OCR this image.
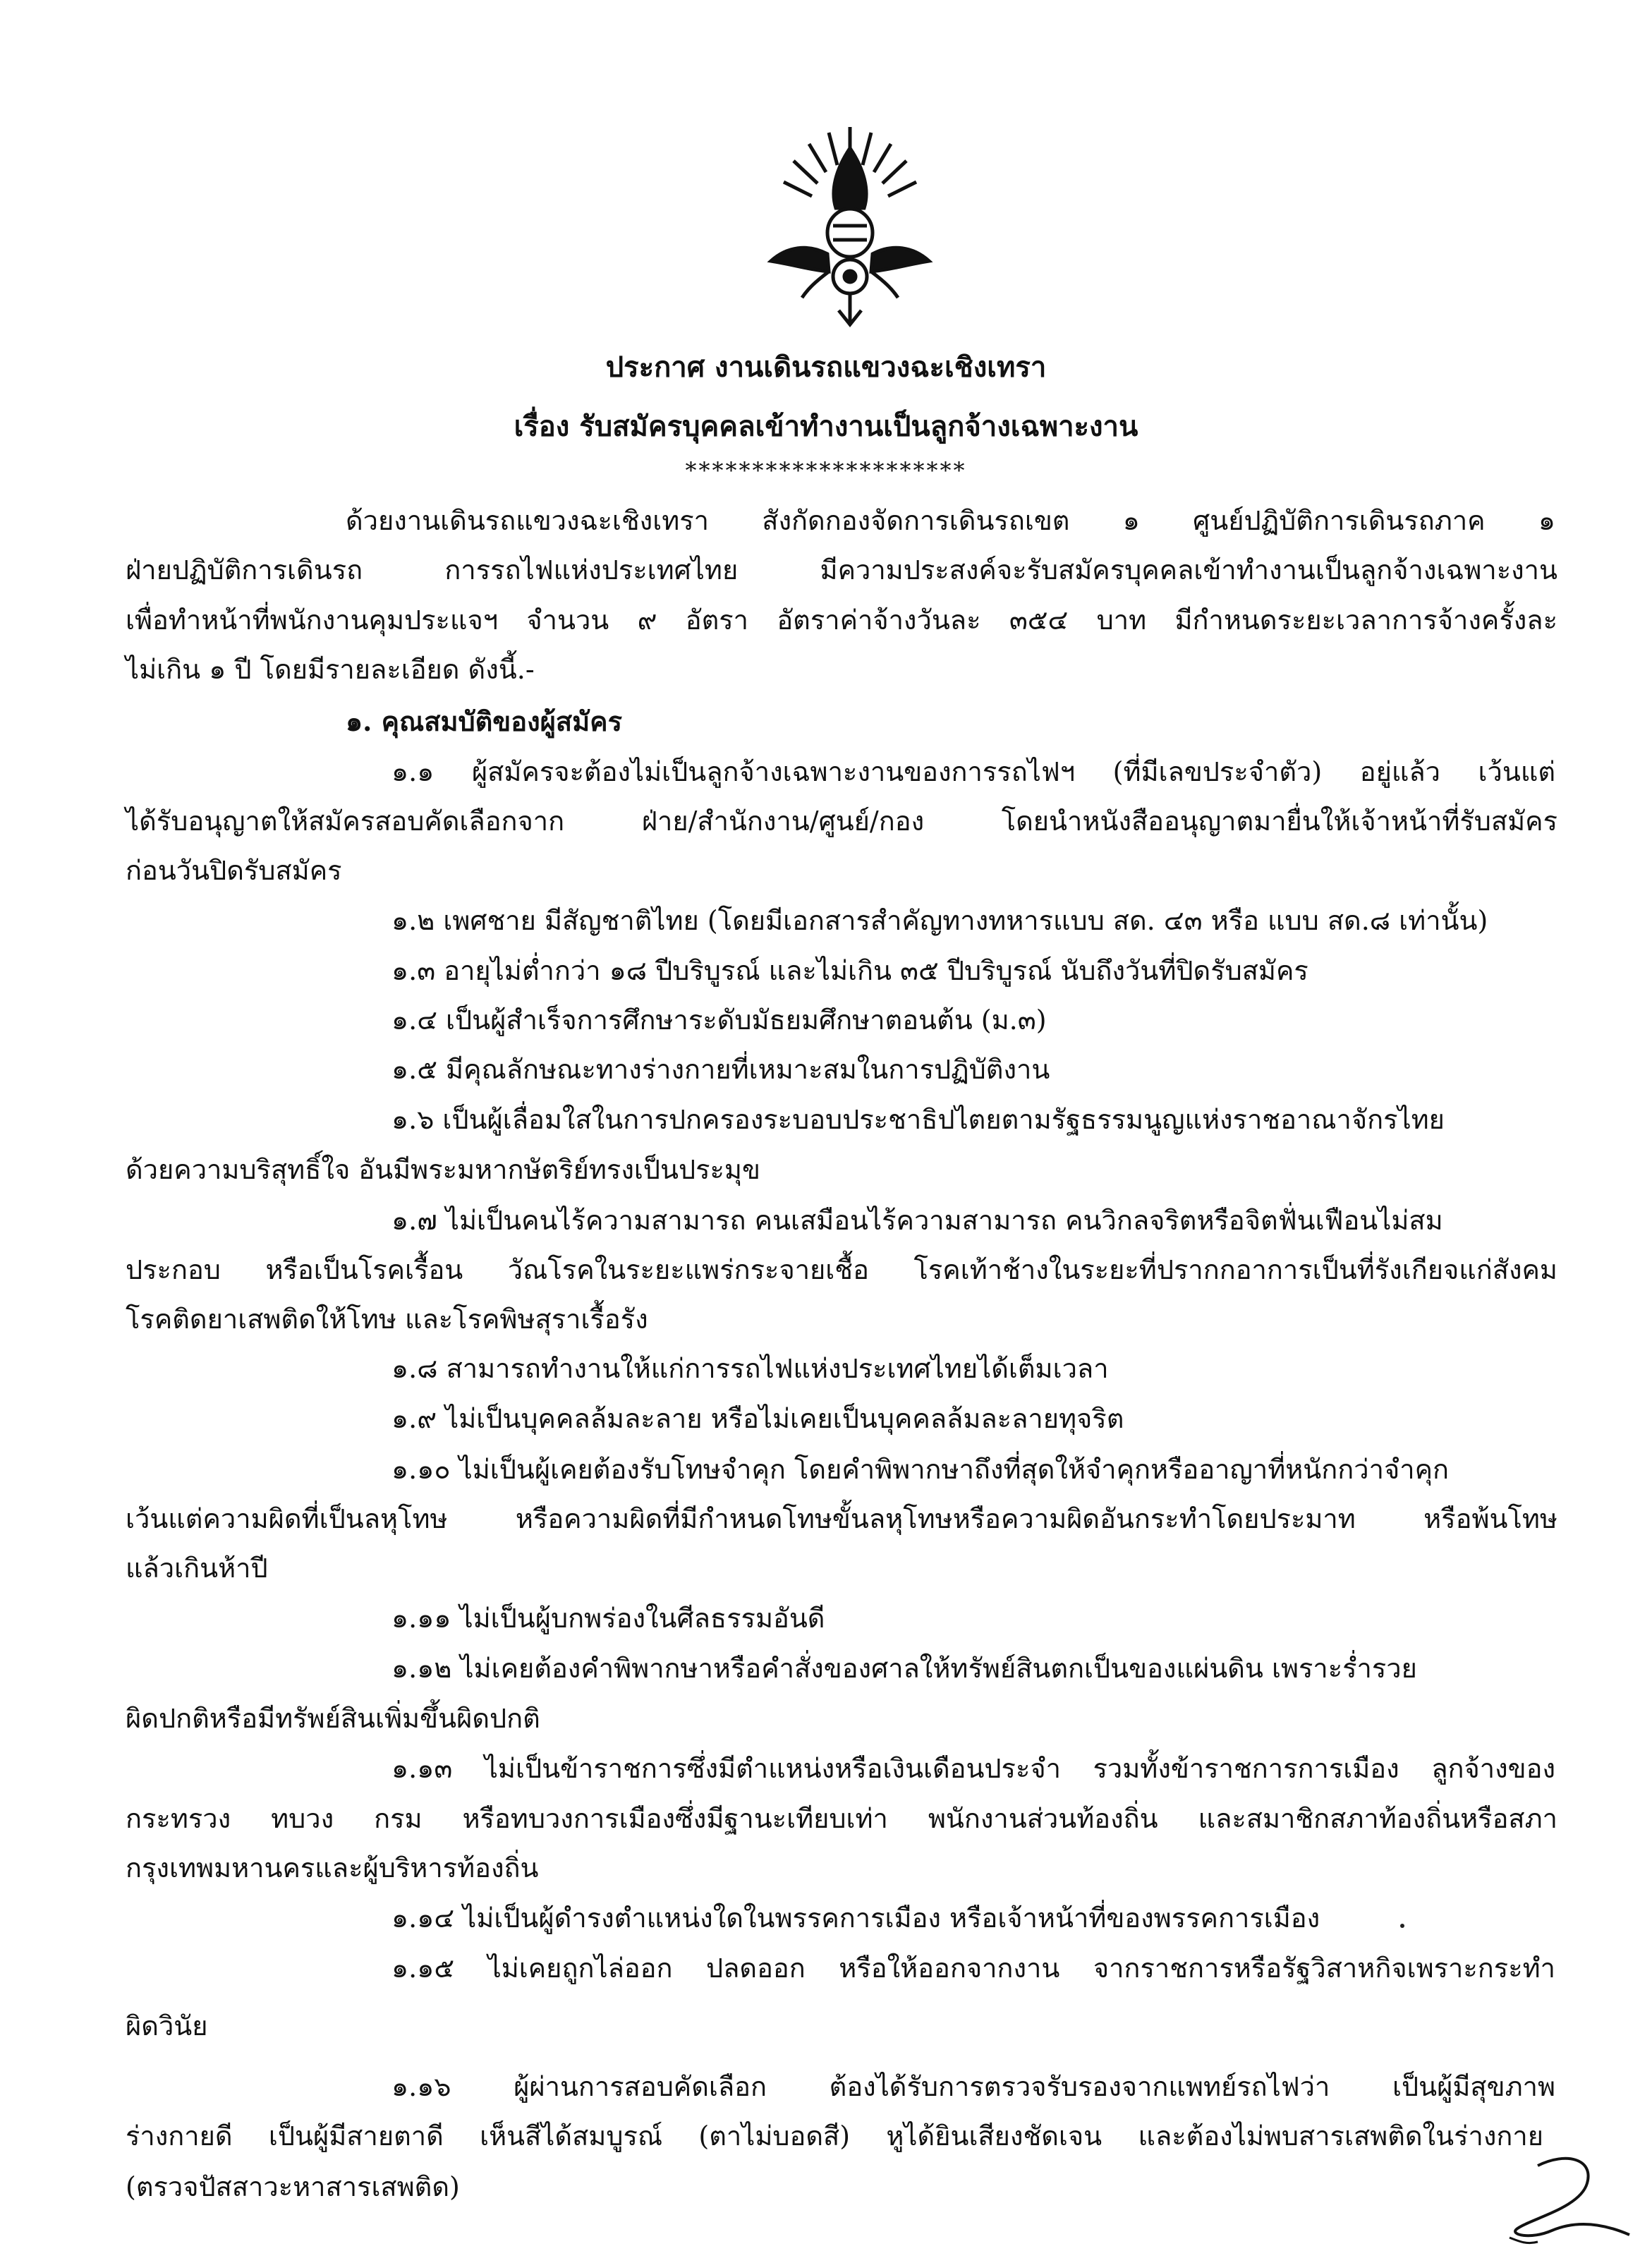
ประกาศ งานเดินรถแขวงฉะเชิงเทรา
เรื่อง รับสมัครบุคคลเข้าทำงานเป็นลูกจ้างเฉพาะงาน
*********************
ด้วยงานเดินรถแขวงฉะเชิงเทรา สังกัดกองจัดการเดินรถเขต ๑ ศูนย์ปฏิบัติการเดินรถภาค ๑
ฝ่ายปฏิบัติการเดินรถ การรถไฟแห่งประเทศไทย มีความประสงค์จะรับสมัครบุคคลเข้าทำงานเป็นลูกจ้างเฉพาะงาน
เพื่อทำหน้าที่พนักงานคุมประแจฯ จำนวน ๙ อัตรา อัตราค่าจ้างวันละ ๓๕๔ บาท มีกำหนดระยะเวลาการจ้างครั้งละ
ไม่เกิน ๑ ปี โดยมีรายละเอียด ดังนี้.-
๑. คุณสมบัติของผู้สมัคร
๑.๑ ผู้สมัครจะต้องไม่เป็นลูกจ้างเฉพาะงานของการรถไฟฯ (ที่มีเลขประจำตัว) อยู่แล้ว เว้นแต่
ได้รับอนุญาตให้สมัครสอบคัดเลือกจาก ฝ่าย/สำนักงาน/ศูนย์/กอง โดยนำหนังสืออนุญาตมายื่นให้เจ้าหน้าที่รับสมัคร
ก่อนวันปิดรับสมัคร
๑.๒ เพศชาย มีสัญชาติไทย (โดยมีเอกสารสำคัญทางทหารแบบ สด. ๔๓ หรือ แบบ สด.๘ เท่านั้น)
๑.๓ อายุไม่ต่ำกว่า ๑๘ ปีบริบูรณ์ และไม่เกิน ๓๕ ปีบริบูรณ์ นับถึงวันที่ปิดรับสมัคร
๑.๔ เป็นผู้สำเร็จการศึกษาระดับมัธยมศึกษาตอนต้น (ม.๓)
๑.๕ มีคุณลักษณะทางร่างกายที่เหมาะสมในการปฏิบัติงาน
๑.๖ เป็นผู้เลื่อมใสในการปกครองระบอบประชาธิปไตยตามรัฐธรรมนูญแห่งราชอาณาจักรไทย
ด้วยความบริสุทธิ์ใจ อันมีพระมหากษัตริย์ทรงเป็นประมุข
๑.๗ ไม่เป็นคนไร้ความสามารถ คนเสมือนไร้ความสามารถ คนวิกลจริตหรือจิตฟั่นเฟือนไม่สม
ประกอบ หรือเป็นโรคเรื้อน วัณโรคในระยะแพร่กระจายเชื้อ โรคเท้าช้างในระยะที่ปรากกอาการเป็นที่รังเกียจแก่สังคม
โรคติดยาเสพติดให้โทษ และโรคพิษสุราเรื้อรัง
๑.๘ สามารถทำงานให้แก่การรถไฟแห่งประเทศไทยได้เต็มเวลา
๑.๙ ไม่เป็นบุคคลล้มละลาย หรือไม่เคยเป็นบุคคลล้มละลายทุจริต
๑.๑๐ ไม่เป็นผู้เคยต้องรับโทษจำคุก โดยคำพิพากษาถึงที่สุดให้จำคุกหรืออาญาที่หนักกว่าจำคุก
เว้นแต่ความผิดที่เป็นลหุโทษ หรือความผิดที่มีกำหนดโทษขั้นลหุโทษหรือความผิดอันกระทำโดยประมาท หรือพ้นโทษ
แล้วเกินห้าปี
๑.๑๑ ไม่เป็นผู้บกพร่องในศีลธรรมอันดี
๑.๑๒ ไม่เคยต้องคำพิพากษาหรือคำสั่งของศาลให้ทรัพย์สินตกเป็นของแผ่นดิน เพราะร่ำรวย
ผิดปกติหรือมีทรัพย์สินเพิ่มขึ้นผิดปกติ
๑.๑๓ ไม่เป็นข้าราชการซึ่งมีตำแหน่งหรือเงินเดือนประจำ รวมทั้งข้าราชการการเมือง ลูกจ้างของ
กระทรวง ทบวง กรม หรือทบวงการเมืองซึ่งมีฐานะเทียบเท่า พนักงานส่วนท้องถิ่น และสมาชิกสภาท้องถิ่นหรือสภา
กรุงเทพมหานครและผู้บริหารท้องถิ่น
๑.๑๔ ไม่เป็นผู้ดำรงตำแหน่งใดในพรรคการเมือง หรือเจ้าหน้าที่ของพรรคการเมือง
๑.๑๕ ไม่เคยถูกไล่ออก ปลดออก หรือให้ออกจากงาน จากราชการหรือรัฐวิสาหกิจเพราะกระทำ
ผิดวินัย
๑.๑๖ ผู้ผ่านการสอบคัดเลือก ต้องได้รับการตรวจรับรองจากแพทย์รถไฟว่า เป็นผู้มีสุขภาพ
ร่างกายดี เป็นผู้มีสายตาดี เห็นสีได้สมบูรณ์ (ตาไม่บอดสี) หูได้ยินเสียงชัดเจน และต้องไม่พบสารเสพติดในร่างกาย
(ตรวจปัสสาวะหาสารเสพติด)
